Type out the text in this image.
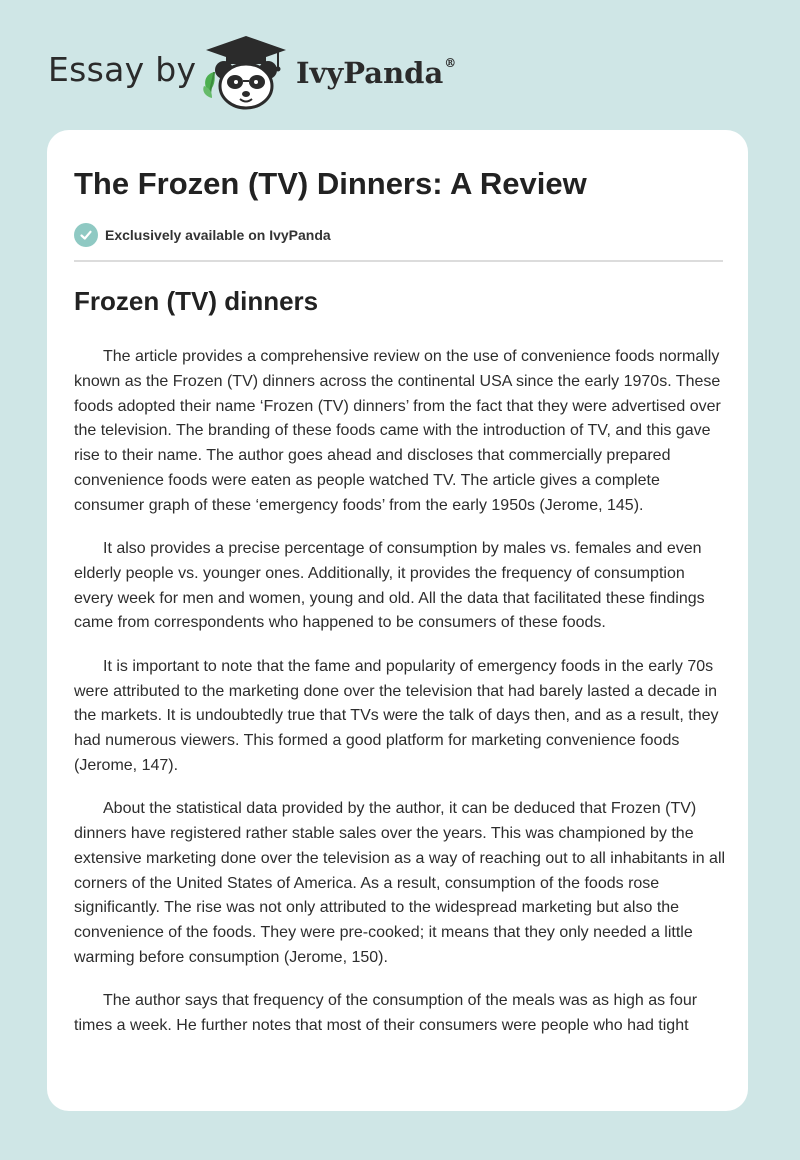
Essay by	IvyPanda®
The Frozen (TV) Dinners: A Review
Exclusively available on IvyPanda
Frozen (TV) dinners

The article provides a comprehensive review on the use of convenience foods normally known as the Frozen (TV) dinners across the continental USA since the early 1970s. These foods adopted their name ‘Frozen (TV) dinners’ from the fact that they were advertised over the television. The branding of these foods came with the introduction of TV, and this gave rise to their name. The author goes ahead and discloses that commercially prepared convenience foods were eaten as people watched TV. The article gives a complete consumer graph of these ‘emergency foods’ from the early 1950s (Jerome, 145).

It also provides a precise percentage of consumption by males vs. females and even elderly people vs. younger ones. Additionally, it provides the frequency of consumption every week for men and women, young and old. All the data that facilitated these findings came from correspondents who happened to be consumers of these foods.

It is important to note that the fame and popularity of emergency foods in the early 70s were attributed to the marketing done over the television that had barely lasted a decade in the markets. It is undoubtedly true that TVs were the talk of days then, and as a result, they had numerous viewers. This formed a good platform for marketing convenience foods (Jerome, 147).

About the statistical data provided by the author, it can be deduced that Frozen (TV) dinners have registered rather stable sales over the years. This was championed by the extensive marketing done over the television as a way of reaching out to all inhabitants in all corners of the United States of America. As a result, consumption of the foods rose significantly. The rise was not only attributed to the widespread marketing but also the convenience of the foods. They were pre-cooked; it means that they only needed a little warming before consumption (Jerome, 150).

The author says that frequency of the consumption of the meals was as high as four times a week. He further notes that most of their consumers were people who had tight
